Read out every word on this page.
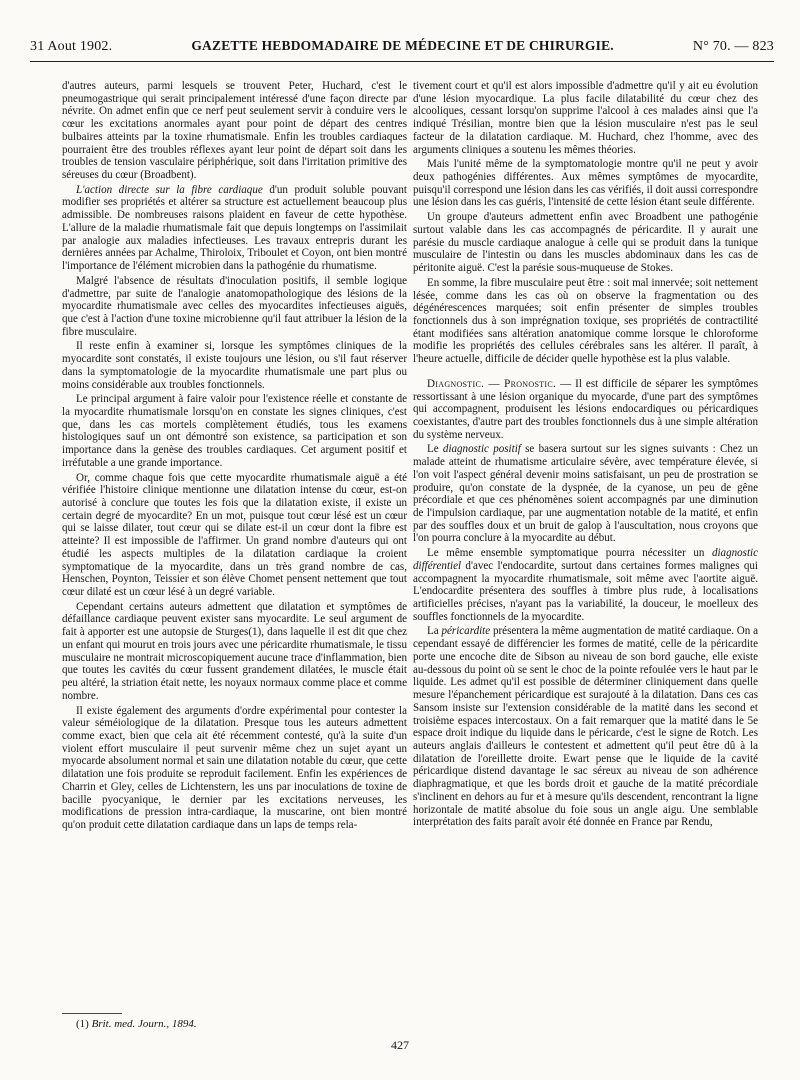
31 Aout 1902.	GAZETTE HEBDOMADAIRE DE MÉDECINE ET DE CHIRURGIE.	N° 70. — 823

d'autres auteurs, parmi lesquels se trouvent Peter, Huchard, c'est le pneumogastrique qui serait principalement intéressé d'une façon directe par névrite. On admet enfin que ce nerf peut seulement servir à conduire vers le cœur les excitations anormales ayant pour point de départ des centres bulbaires atteints par la toxine rhumatismale. Enfin les troubles cardiaques pourraient être des troubles réflexes ayant leur point de départ soit dans les troubles de tension vasculaire périphérique, soit dans l'irritation primitive des séreuses du cœur (Broadbent).

L'action directe sur la fibre cardiaque d'un produit soluble pouvant modifier ses propriétés et altérer sa structure est actuellement beaucoup plus admissible. De nombreuses raisons plaident en faveur de cette hypothèse. L'allure de la maladie rhumatismale fait que depuis longtemps on l'assimilait par analogie aux maladies infectieuses. Les travaux entrepris durant les dernières années par Achalme, Thiroloix, Triboulet et Coyon, ont bien montré l'importance de l'élément microbien dans la pathogénie du rhumatisme.

Malgré l'absence de résultats d'inoculation positifs, il semble logique d'admettre, par suite de l'analogie anatomopathologique des lésions de la myocardite rhumatismale avec celles des myocardites infectieuses aiguës, que c'est à l'action d'une toxine microbienne qu'il faut attribuer la lésion de la fibre musculaire.

Il reste enfin à examiner si, lorsque les symptômes cliniques de la myocardite sont constatés, il existe toujours une lésion, ou s'il faut réserver dans la symptomatologie de la myocardite rhumatismale une part plus ou moins considérable aux troubles fonctionnels.

Le principal argument à faire valoir pour l'existence réelle et constante de la myocardite rhumatismale lorsqu'on en constate les signes cliniques, c'est que, dans les cas mortels complètement étudiés, tous les examens histologiques sauf un ont démontré son existence, sa participation et son importance dans la genèse des troubles cardiaques. Cet argument positif et irréfutable a une grande importance.

Or, comme chaque fois que cette myocardite rhumatismale aiguë a été vérifiée l'histoire clinique mentionne une dilatation intense du cœur, est-on autorisé à conclure que toutes les fois que la dilatation existe, il existe un certain degré de myocardite? En un mot, puisque tout cœur lésé est un cœur qui se laisse dilater, tout cœur qui se dilate est-il un cœur dont la fibre est atteinte? Il est impossible de l'affirmer. Un grand nombre d'auteurs qui ont étudié les aspects multiples de la dilatation cardiaque la croient symptomatique de la myocardite, dans un très grand nombre de cas, Henschen, Poynton, Teissier et son élève Chomet pensent nettement que tout cœur dilaté est un cœur lésé à un degré variable.

Cependant certains auteurs admettent que dilatation et symptômes de défaillance cardiaque peuvent exister sans myocardite. Le seul argument de fait à apporter est une autopsie de Sturges(1), dans laquelle il est dit que chez un enfant qui mourut en trois jours avec une péricardite rhumatismale, le tissu musculaire ne montrait microscopiquement aucune trace d'inflammation, bien que toutes les cavités du cœur fussent grandement dilatées, le muscle était peu altéré, la striation était nette, les noyaux normaux comme place et comme nombre.

Il existe également des arguments d'ordre expérimental pour contester la valeur séméiologique de la dilatation. Presque tous les auteurs admettent comme exact, bien que cela ait été récemment contesté, qu'à la suite d'un violent effort musculaire il peut survenir même chez un sujet ayant un myocarde absolument normal et sain une dilatation notable du cœur, que cette dilatation une fois produite se reproduit facilement. Enfin les expériences de Charrin et Gley, celles de Lichtenstern, les uns par inoculations de toxine de bacille pyocyanique, le dernier par les excitations nerveuses, les modifications de pression intra-cardiaque, la muscarine, ont bien montré qu'on produit cette dilatation cardiaque dans un laps de temps rela-

tivement court et qu'il est alors impossible d'admettre qu'il y ait eu évolution d'une lésion myocardique. La plus facile dilatabilité du cœur chez des alcooliques, cessant lorsqu'on supprime l'alcool à ces malades ainsi que l'a indiqué Trésilian, montre bien que la lésion musculaire n'est pas le seul facteur de la dilatation cardiaque. M. Huchard, chez l'homme, avec des arguments cliniques a soutenu les mêmes théories.

Mais l'unité même de la symptomatologie montre qu'il ne peut y avoir deux pathogénies différentes. Aux mêmes symptômes de myocardite, puisqu'il correspond une lésion dans les cas vérifiés, il doit aussi correspondre une lésion dans les cas guéris, l'intensité de cette lésion étant seule différente.

Un groupe d'auteurs admettent enfin avec Broadbent une pathogénie surtout valable dans les cas accompagnés de péricardite. Il y aurait une parésie du muscle cardiaque analogue à celle qui se produit dans la tunique musculaire de l'intestin ou dans les muscles abdominaux dans les cas de péritonite aiguë. C'est la parésie sous-muqueuse de Stokes.

En somme, la fibre musculaire peut être : soit mal innervée; soit nettement lésée, comme dans les cas où on observe la fragmentation ou des dégénérescences marquées; soit enfin présenter de simples troubles fonctionnels dus à son imprégnation toxique, ses propriétés de contractilité étant modifiées sans altération anatomique comme lorsque le chloroforme modifie les propriétés des cellules cérébrales sans les altérer. Il paraît, à l'heure actuelle, difficile de décider quelle hypothèse est la plus valable.

Diagnostic. — Pronostic. — Il est difficile de séparer les symptômes ressortissant à une lésion organique du myocarde, d'une part des symptômes qui accompagnent, produisent les lésions endocardiques ou péricardiques coexistantes, d'autre part des troubles fonctionnels dus à une simple altération du système nerveux.

Le diagnostic positif se basera surtout sur les signes suivants : Chez un malade atteint de rhumatisme articulaire sévère, avec température élevée, si l'on voit l'aspect général devenir moins satisfaisant, un peu de prostration se produire, qu'on constate de la dyspnée, de la cyanose, un peu de gêne précordiale et que ces phénomènes soient accompagnés par une diminution de l'impulsion cardiaque, par une augmentation notable de la matité, et enfin par des souffles doux et un bruit de galop à l'auscultation, nous croyons que l'on pourra conclure à la myocardite au début.

Le même ensemble symptomatique pourra nécessiter un diagnostic différentiel d'avec l'endocardite, surtout dans certaines formes malignes qui accompagnent la myocardite rhumatismale, soit même avec l'aortite aiguë. L'endocardite présentera des souffles à timbre plus rude, à localisations artificielles précises, n'ayant pas la variabilité, la douceur, le moelleux des souffles fonctionnels de la myocardite.

La péricardite présentera la même augmentation de matité cardiaque. On a cependant essayé de différencier les formes de matité, celle de la péricardite porte une encoche dite de Sibson au niveau de son bord gauche, elle existe au-dessous du point où se sent le choc de la pointe refoulée vers le haut par le liquide. Les admet qu'il est possible de déterminer cliniquement dans quelle mesure l'épanchement péricardique est surajouté à la dilatation. Dans ces cas Sansom insiste sur l'extension considérable de la matité dans les second et troisième espaces intercostaux. On a fait remarquer que la matité dans le 5e espace droit indique du liquide dans le péricarde, c'est le signe de Rotch. Les auteurs anglais d'ailleurs le contestent et admettent qu'il peut être dû à la dilatation de l'oreillette droite. Ewart pense que le liquide de la cavité péricardique distend davantage le sac séreux au niveau de son adhérence diaphragmatique, et que les bords droit et gauche de la matité précordiale s'inclinent en dehors au fur et à mesure qu'ils descendent, rencontrant la ligne horizontale de matité absolue du foie sous un angle aigu. Une semblable interprétation des faits paraît avoir été donnée en France par Rendu,

(1) Brit. med. Journ., 1894.
427
